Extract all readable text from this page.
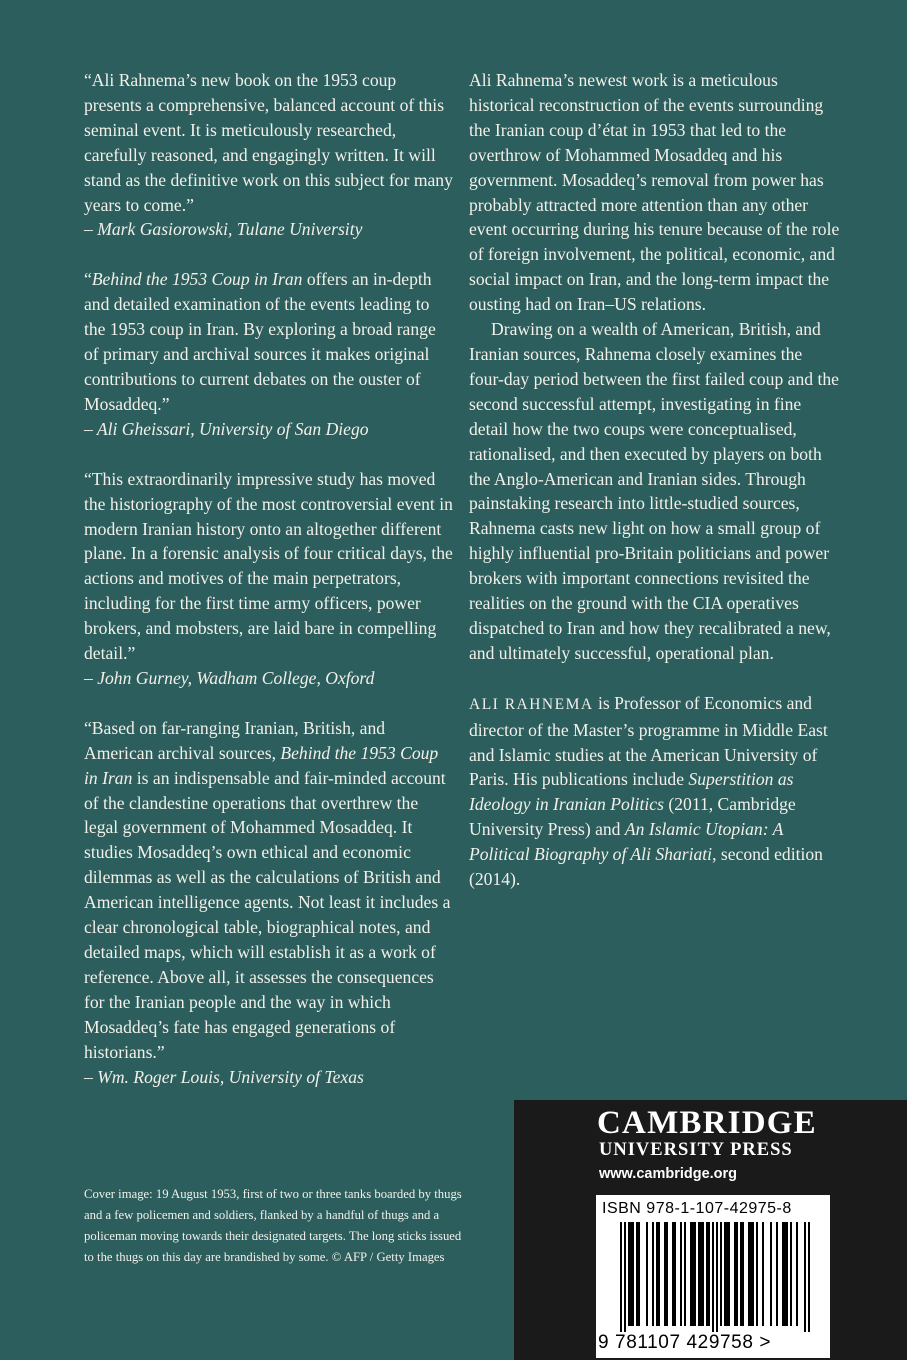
“Ali Rahnema’s new book on the 1953 coup presents a comprehensive, balanced account of this seminal event. It is meticulously researched, carefully reasoned, and engagingly written. It will stand as the definitive work on this subject for many years to come.”

– Mark Gasiorowski, Tulane University

“Behind the 1953 Coup in Iran offers an in-depth and detailed examination of the events leading to the 1953 coup in Iran. By exploring a broad range of primary and archival sources it makes original contributions to current debates on the ouster of Mosaddeq.”

– Ali Gheissari, University of San Diego

“This extraordinarily impressive study has moved the historiography of the most controversial event in modern Iranian history onto an altogether different plane. In a forensic analysis of four critical days, the actions and motives of the main perpetrators, including for the first time army officers, power brokers, and mobsters, are laid bare in compelling detail.”

– John Gurney, Wadham College, Oxford

“Based on far-ranging Iranian, British, and American archival sources, Behind the 1953 Coup in Iran is an indispensable and fair-minded account of the clandestine operations that overthrew the legal government of Mohammed Mosaddeq. It studies Mosaddeq’s own ethical and economic dilemmas as well as the calculations of British and American intelligence agents. Not least it includes a clear chronological table, biographical notes, and detailed maps, which will establish it as a work of reference. Above all, it assesses the consequences for the Iranian people and the way in which Mosaddeq’s fate has engaged generations of historians.”

– Wm. Roger Louis, University of Texas

Ali Rahnema’s newest work is a meticulous historical reconstruction of the events surrounding the Iranian coup d’état in 1953 that led to the overthrow of Mohammed Mosaddeq and his government. Mosaddeq’s removal from power has probably attracted more attention than any other event occurring during his tenure because of the role of foreign involvement, the political, economic, and social impact on Iran, and the long-term impact the ousting had on Iran–US relations.

Drawing on a wealth of American, British, and Iranian sources, Rahnema closely examines the four-day period between the first failed coup and the second successful attempt, investigating in fine detail how the two coups were conceptualised, rationalised, and then executed by players on both the Anglo-American and Iranian sides. Through painstaking research into little-studied sources, Rahnema casts new light on how a small group of highly influential pro-Britain politicians and power brokers with important connections revisited the realities on the ground with the CIA operatives dispatched to Iran and how they recalibrated a new, and ultimately successful, operational plan.

ALI RAHNEMA is Professor of Economics and director of the Master’s programme in Middle East and Islamic studies at the American University of Paris. His publications include Superstition as Ideology in Iranian Politics (2011, Cambridge University Press) and An Islamic Utopian: A Political Biography of Ali Shariati, second edition (2014).

Cover image: 19 August 1953, first of two or three tanks boarded by thugs and a few policemen and soldiers, flanked by a handful of thugs and a policeman moving towards their designated targets. The long sticks issued to the thugs on this day are brandished by some. © AFP / Getty Images
CAMBRIDGE
UNIVERSITY PRESS
www.cambridge.org
ISBN 978-1-107-42975-8
9 781107 429758 >
